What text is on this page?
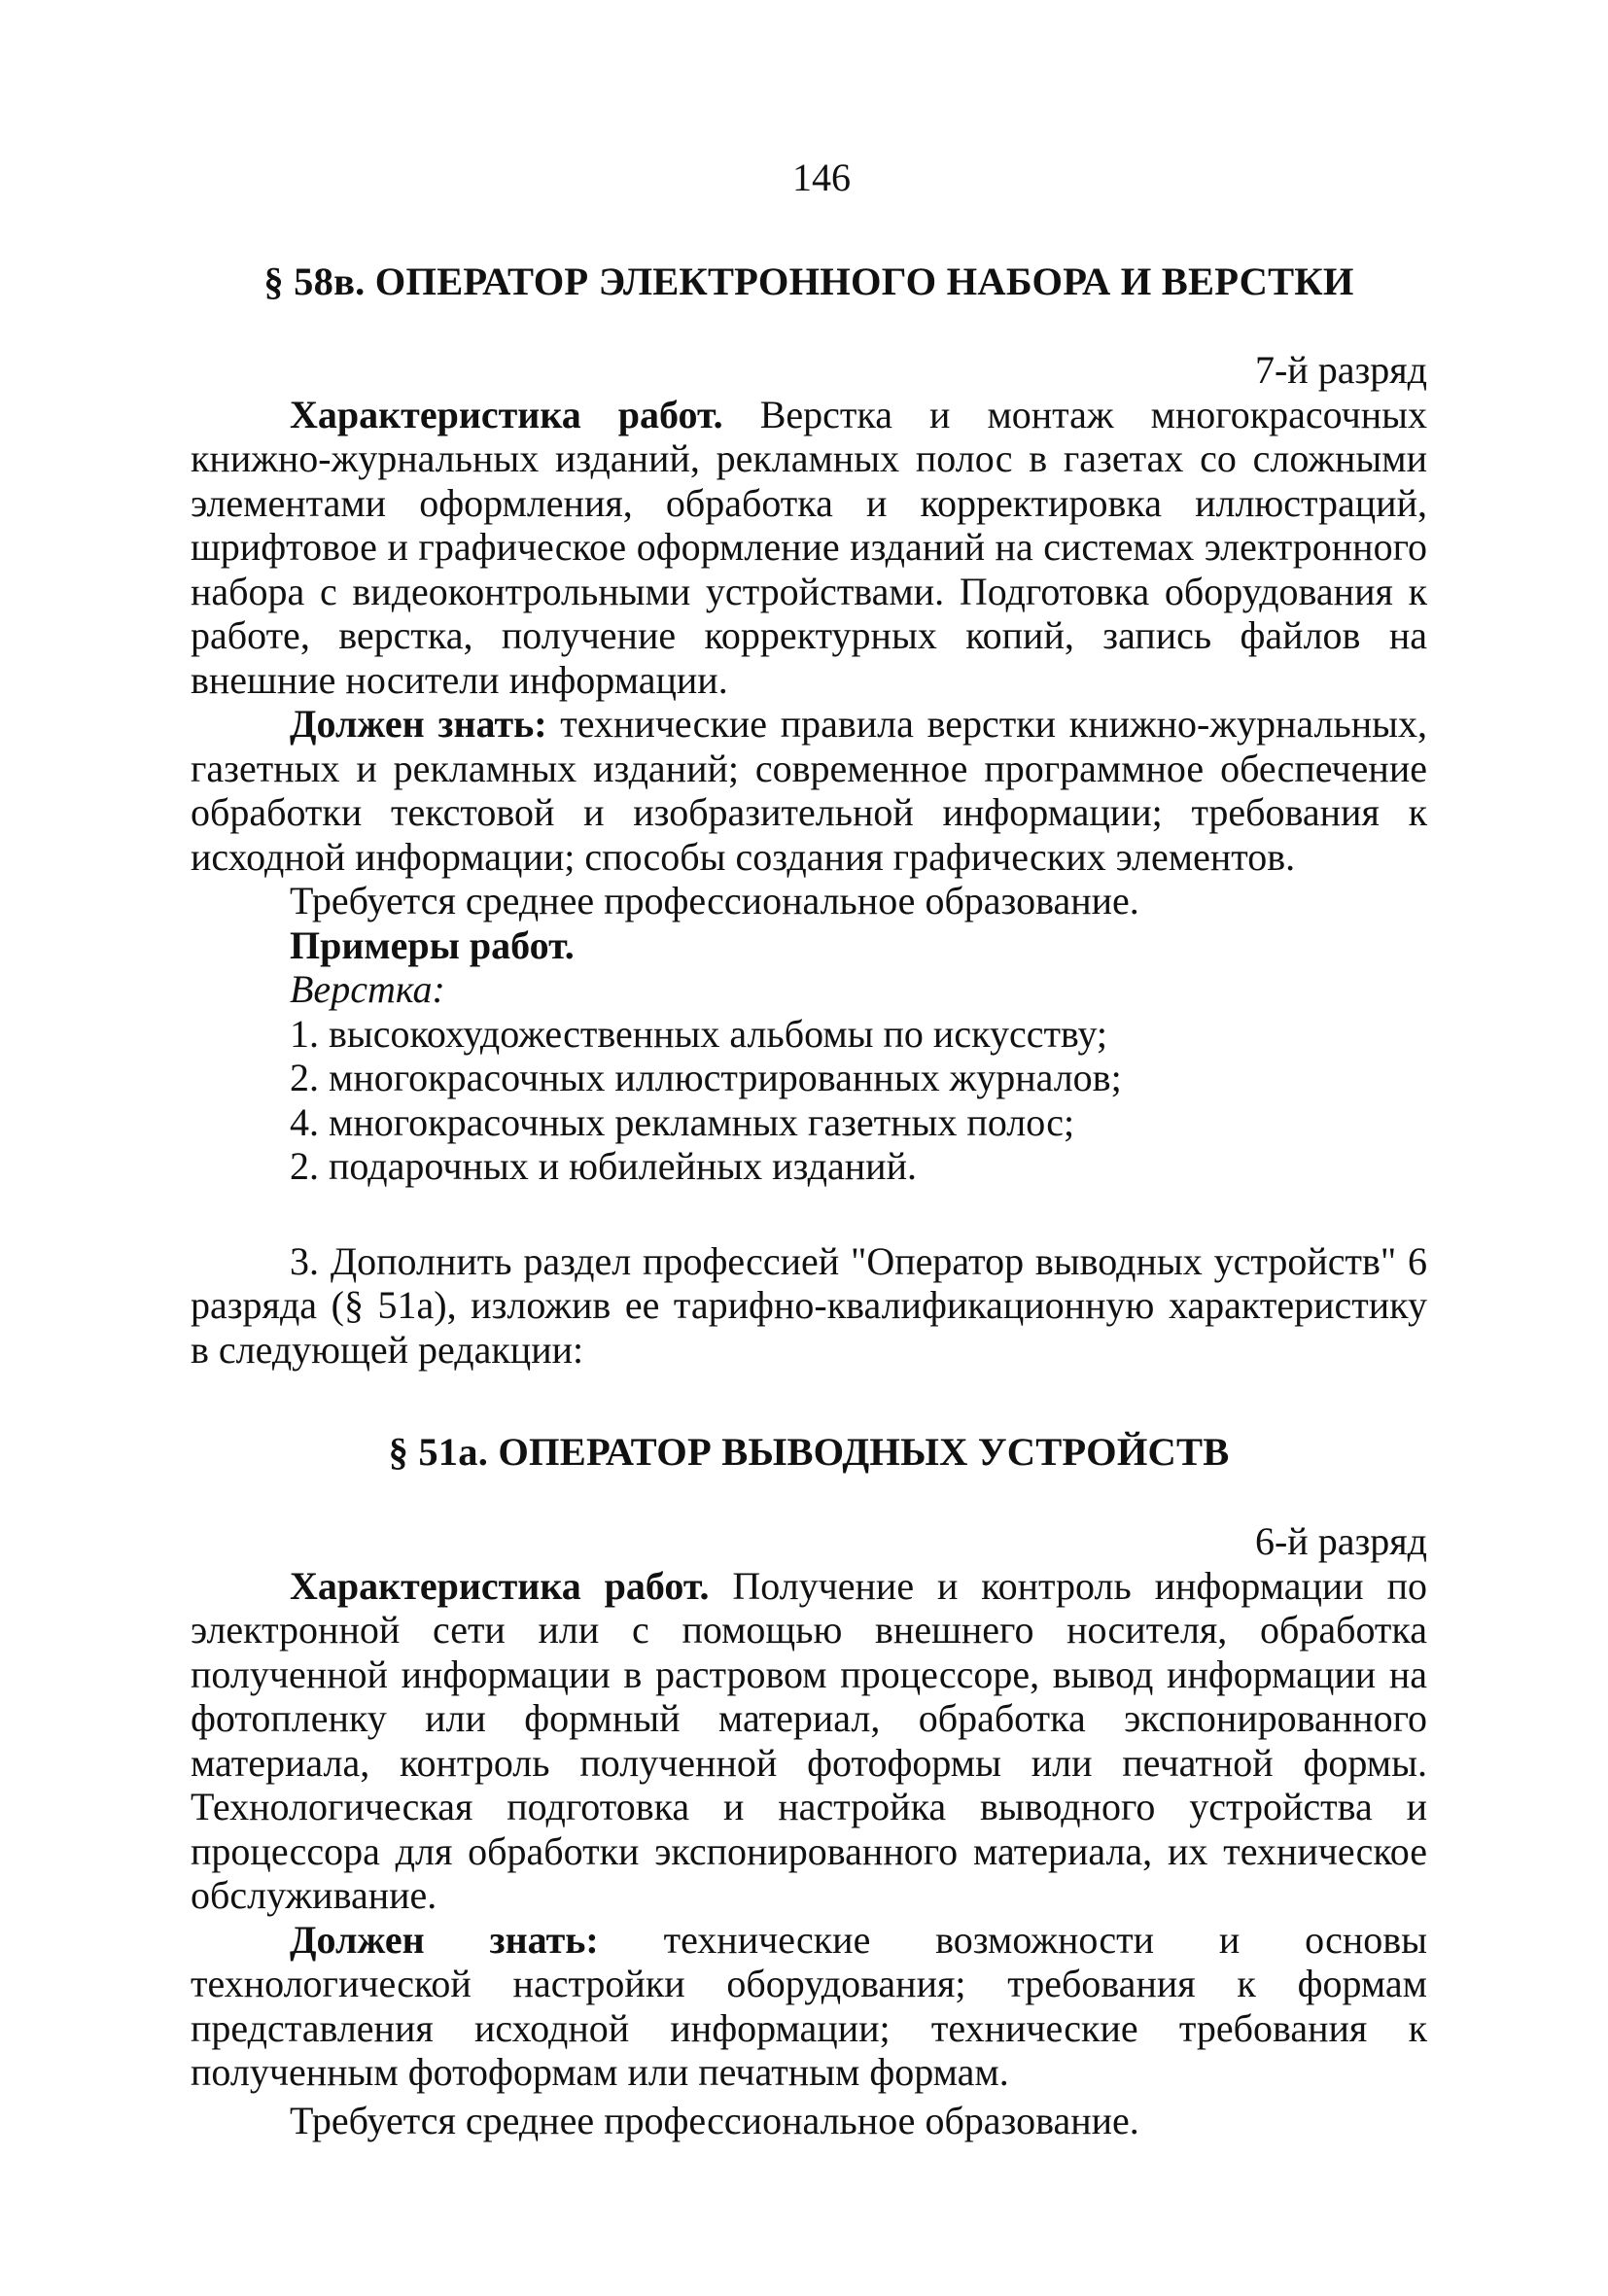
146
§ 58в. ОПЕРАТОР ЭЛЕКТРОННОГО НАБОРА И ВЕРСТКИ
7-й разряд

Характеристика работ. Верстка и монтаж многокрасочных книжно-журнальных изданий, рекламных полос в газетах со сложными элементами оформления, обработка и корректировка иллюстраций, шрифтовое и графическое оформление изданий на системах электронного набора с видеоконтрольными устройствами. Подготовка оборудования к работе, верстка, получение корректурных копий, запись файлов на внешние носители информации.

Должен знать: технические правила верстки книжно-журнальных, газетных и рекламных изданий; современное программное обеспечение обработки текстовой и изобразительной информации; требования к исходной информации; способы создания графических элементов.

Требуется среднее профессиональное образование.

Примеры работ.

Верстка:

1. высокохудожественных альбомы по искусству;
2. многокрасочных иллюстрированных журналов;
4. многокрасочных рекламных газетных полос;
2. подарочных и юбилейных изданий.

3. Дополнить раздел профессией "Оператор выводных устройств" 6 разряда (§ 51а), изложив ее тарифно-квалификационную характеристику в следующей редакции:

§ 51а. ОПЕРАТОР ВЫВОДНЫХ УСТРОЙСТВ
6-й разряд

Характеристика работ. Получение и контроль информации по электронной сети или с помощью внешнего носителя, обработка полученной информации в растровом процессоре, вывод информации на фотопленку или формный материал, обработка экспонированного материала, контроль полученной фотоформы или печатной формы. Технологическая подготовка и настройка выводного устройства и процессора для обработки экспонированного материала, их техническое обслуживание.

Должен знать: технические возможности и основы технологической настройки оборудования; требования к формам представления исходной информации; технические требования к полученным фотоформам или печатным формам.

Требуется среднее профессиональное образование.
